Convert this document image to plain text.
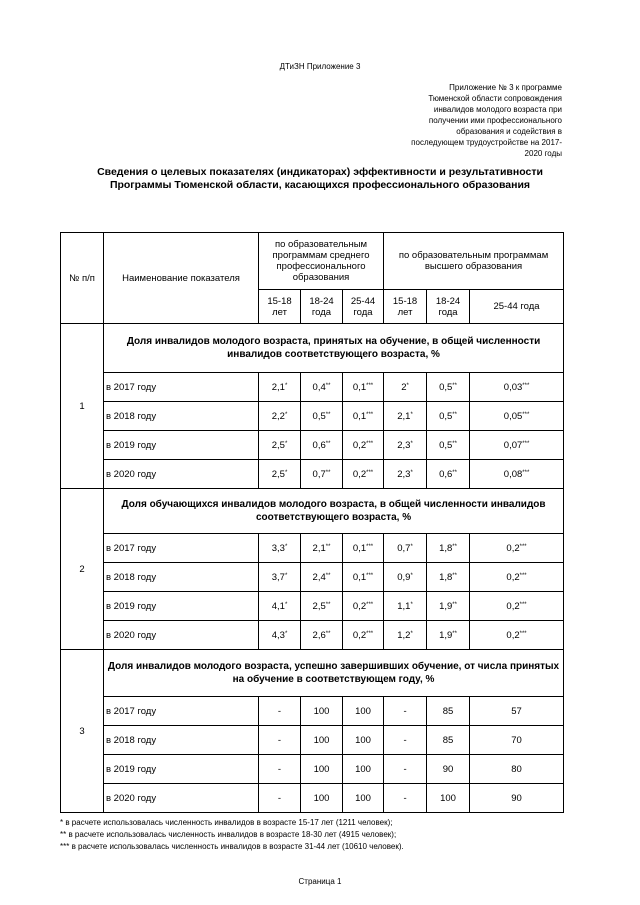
ДТиЗН Приложение 3
Приложение № 3 к программе
Тюменской области сопровождения
инвалидов молодого возраста при
получении ими профессионального
образования и содействия в
последующем трудоустройстве на 2017-
2020 годы
Сведения о целевых показателях (индикаторах) эффективности и результативности
Программы Тюменской области, касающихся профессионального образования
№ п/п	Наименование показателя	по образовательным программам среднего профессионального образования			по образовательным программам высшего образования		
		15-18 лет	18-24 года	25-44 года	15-18 лет	18-24 года	25-44 года
1	Доля инвалидов молодого возраста, принятых на обучение, в общей численности инвалидов соответствующего возраста, %						
	в 2017 году	2,1*	0,4**	0,1***	2*	0,5**	0,03***
	в 2018 году	2,2*	0,5**	0,1***	2,1*	0,5**	0,05***
	в 2019 году	2,5*	0,6**	0,2***	2,3*	0,5**	0,07***
	в 2020 году	2,5*	0,7**	0,2***	2,3*	0,6**	0,08***
2	Доля обучающихся инвалидов молодого возраста, в общей численности инвалидов соответствующего возраста, %						
	в 2017 году	3,3*	2,1**	0,1***	0,7*	1,8**	0,2***
	в 2018 году	3,7*	2,4**	0,1***	0,9*	1,8**	0,2***
	в 2019 году	4,1*	2,5**	0,2***	1,1*	1,9**	0,2***
	в 2020 году	4,3*	2,6**	0,2***	1,2*	1,9**	0,2***
3	Доля инвалидов молодого возраста, успешно завершивших обучение, от числа принятых на обучение в соответствующем году, %						
	в 2017 году	-	100	100	-	85	57
	в 2018 году	-	100	100	-	85	70
	в 2019 году	-	100	100	-	90	80
	в 2020 году	-	100	100	-	100	90
* в расчете использовалась численность инвалидов в возрасте 15-17 лет (1211 человек);
** в расчете использовалась численность инвалидов в возрасте 18-30 лет (4915 человек);
*** в расчете использовалась численность инвалидов в возрасте 31-44 лет (10610 человек).
Страница 1
